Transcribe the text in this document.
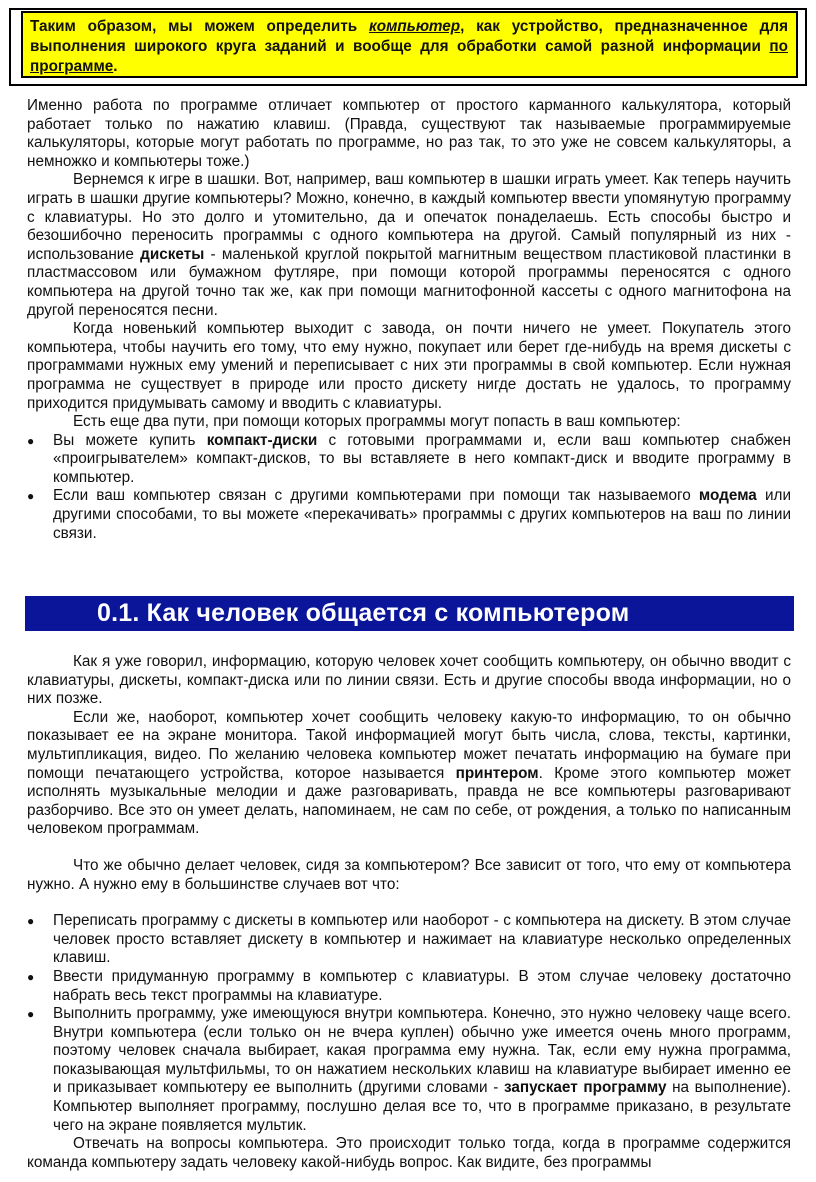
Таким образом, мы можем определить компьютер, как устройство, предназначенное для выполнения широкого круга заданий и вообще для обработки самой разной информации по программе.

Именно работа по программе отличает компьютер от простого карманного калькулятора, который работает только по нажатию клавиш. (Правда, существуют так называемые программируемые калькуляторы, которые могут работать по программе, но раз так, то это уже не совсем калькуляторы, а немножко и компьютеры тоже.)

Вернемся к игре в шашки. Вот, например, ваш компьютер в шашки играть умеет. Как теперь научить играть в шашки другие компьютеры? Можно, конечно, в каждый компьютер ввести упомянутую программу с клавиатуры. Но это долго и утомительно, да и опечаток понаделаешь. Есть способы быстро и безошибочно переносить программы с одного компьютера на другой. Самый популярный из них - использование дискеты - маленькой круглой покрытой магнитным веществом пластиковой пластинки в пластмассовом или бумажном футляре, при помощи которой программы переносятся с одного компьютера на другой точно так же, как при помощи магнитофонной кассеты с одного магнитофона на другой переносятся песни.

Когда новенький компьютер выходит с завода, он почти ничего не умеет. Покупатель этого компьютера, чтобы научить его тому, что ему нужно, покупает или берет где-нибудь на время дискеты с программами нужных ему умений и переписывает с них эти программы в свой компьютер. Если нужная программа не существует в природе или просто дискету нигде достать не удалось, то программу приходится придумывать самому и вводить с клавиатуры.

Есть еще два пути, при помощи которых программы могут попасть в ваш компьютер:

● Вы можете купить компакт-диски с готовыми программами и, если ваш компьютер снабжен «проигрывателем» компакт-дисков, то вы вставляете в него компакт-диск и вводите программу в компьютер.
● Если ваш компьютер связан с другими компьютерами при помощи так называемого модема или другими способами, то вы можете «перекачивать» программы с других компьютеров на ваш по линии связи.
0.1. Как человек общается с компьютером

Как я уже говорил, информацию, которую человек хочет сообщить компьютеру, он обычно вводит с клавиатуры, дискеты, компакт-диска или по линии связи. Есть и другие способы ввода информации, но о них позже.

Если же, наоборот, компьютер хочет сообщить человеку какую-то информацию, то он обычно показывает ее на экране монитора. Такой информацией могут быть числа, слова, тексты, картинки, мультипликация, видео. По желанию человека компьютер может печатать информацию на бумаге при помощи печатающего устройства, которое называется принтером. Кроме этого компьютер может исполнять музыкальные мелодии и даже разговаривать, правда не все компьютеры разговаривают разборчиво. Все это он умеет делать, напоминаем, не сам по себе, от рождения, а только по написанным человеком программам.

Что же обычно делает человек, сидя за компьютером? Все зависит от того, что ему от компьютера нужно. А нужно ему в большинстве случаев вот что:

● Переписать программу с дискеты в компьютер или наоборот - с компьютера на дискету. В этом случае человек просто вставляет дискету в компьютер и нажимает на клавиатуре несколько определенных клавиш.
● Ввести придуманную программу в компьютер с клавиатуры. В этом случае человеку достаточно набрать весь текст программы на клавиатуре.
● Выполнить программу, уже имеющуюся внутри компьютера. Конечно, это нужно человеку чаще всего. Внутри компьютера (если только он не вчера куплен) обычно уже имеется очень много программ, поэтому человек сначала выбирает, какая программа ему нужна. Так, если ему нужна программа, показывающая мультфильмы, то он нажатием нескольких клавиш на клавиатуре выбирает именно ее и приказывает компьютеру ее выполнить (другими словами - запускает программу на выполнение). Компьютер выполняет программу, послушно делая все то, что в программе приказано, в результате чего на экране появляется мультик.

Отвечать на вопросы компьютера. Это происходит только тогда, когда в программе содержится команда компьютеру задать человеку какой-нибудь вопрос. Как видите, без программы
